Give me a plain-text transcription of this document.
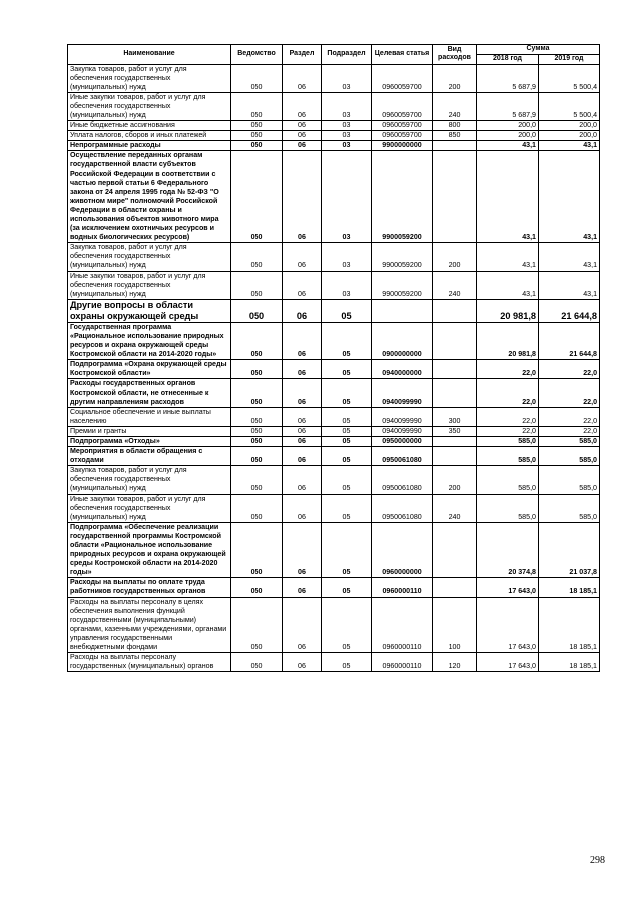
Наименование	Ведомство	Раздел	Подраздел	Целевая статья	Вид расходов	Сумма	
						2018 год	2019 год
Закупка товаров, работ и услуг для обеспечения государственных (муниципальных) нужд	050	06	03	0960059700	200	5 687,9	5 500,4
Иные закупки товаров, работ и услуг для обеспечения государственных (муниципальных) нужд	050	06	03	0960059700	240	5 687,9	5 500,4
Иные бюджетные ассигнования	050	06	03	0960059700	800	200,0	200,0
Уплата налогов, сборов и иных платежей	050	06	03	0960059700	850	200,0	200,0
Непрограммные расходы	050	06	03	9900000000		43,1	43,1
Осуществление переданных органам государственной власти субъектов Российской Федерации в соответствии с частью первой статьи 6 Федерального закона от 24 апреля 1995 года № 52-ФЗ "О животном мире" полномочий Российской Федерации в области охраны и использования объектов животного мира (за исключением охотничьих ресурсов и водных биологических ресурсов)	050	06	03	9900059200		43,1	43,1
Закупка товаров, работ и услуг для обеспечения государственных (муниципальных) нужд	050	06	03	9900059200	200	43,1	43,1
Иные закупки товаров, работ и услуг для обеспечения государственных (муниципальных) нужд	050	06	03	9900059200	240	43,1	43,1
Другие вопросы в области охраны окружающей среды	050	06	05			20 981,8	21 644,8
Государственная программа «Рациональное использование природных ресурсов и охрана окружающей среды Костромской области на 2014-2020 годы»	050	06	05	0900000000		20 981,8	21 644,8
Подпрограмма «Охрана окружающей среды Костромской области»	050	06	05	0940000000		22,0	22,0
Расходы государственных органов Костромской области, не отнесенные к другим направлениям расходов	050	06	05	0940099990		22,0	22,0
Социальное обеспечение и иные выплаты населению	050	06	05	0940099990	300	22,0	22,0
Премии и гранты	050	06	05	0940099990	350	22,0	22,0
Подпрограмма «Отходы»	050	06	05	0950000000		585,0	585,0
Мероприятия в области обращения с отходами	050	06	05	0950061080		585,0	585,0
Закупка товаров, работ и услуг для обеспечения государственных (муниципальных) нужд	050	06	05	0950061080	200	585,0	585,0
Иные закупки товаров, работ и услуг для обеспечения государственных (муниципальных) нужд	050	06	05	0950061080	240	585,0	585,0
Подпрограмма «Обеспечение реализации государственной программы Костромской области «Рациональное использование природных ресурсов и охрана окружающей среды Костромской области на 2014-2020 годы»	050	06	05	0960000000		20 374,8	21 037,8
Расходы на выплаты по оплате труда работников государственных органов	050	06	05	0960000110		17 643,0	18 185,1
Расходы на выплаты персоналу в целях обеспечения выполнения функций государственными (муниципальными) органами, казенными учреждениями, органами управления государственными внебюджетными фондами	050	06	05	0960000110	100	17 643,0	18 185,1
Расходы на выплаты персоналу государственных (муниципальных) органов	050	06	05	0960000110	120	17 643,0	18 185,1
298
